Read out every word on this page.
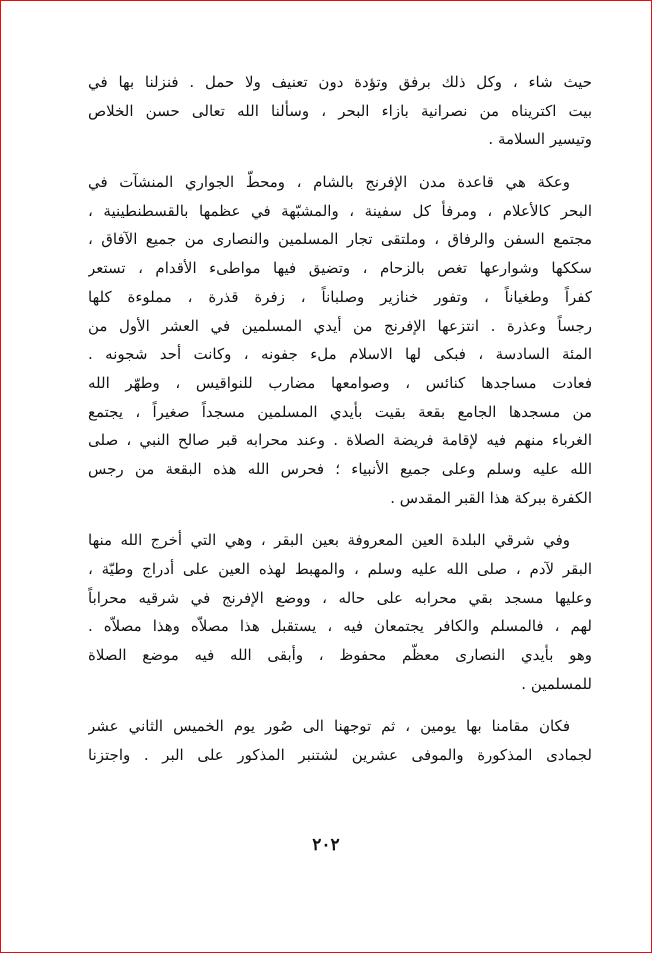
حيث شاء ، وكل ذلك برفق وتؤدة دون تعنيف ولا حمل . فنزلنا بها في
بيت اكتريناه من نصرانية بازاء البحر ، وسألنا الله تعالى حسن الخلاص
وتيسير السلامة .
وعكة هي قاعدة مدن الإفرنج بالشام ، ومحطّ الجواري المنشآت في
البحر كالأعلام ، ومرفأ كل سفينة ، والمشبّهة في عظمها بالقسطنطينية ،
مجتمع السفن والرفاق ، وملتقى تجار المسلمين والنصارى من جميع الآفاق ،
سككها وشوارعها تغص بالزحام ، وتضيق فيها مواطىء الأقدام ، تستعر
كفراً وطغياناً ، وتفور خنازير وصلباناً ، زفرة قذرة ، مملوءة كلها
رجساً وعذرة . انتزعها الإفرنج من أيدي المسلمين في العشر الأول من
المئة السادسة ، فبكى لها الاسلام ملء جفونه ، وكانت أحد شجونه .
فعادت مساجدها كنائس ، وصوامعها مضارب للنواقيس ، وطهّر الله
من مسجدها الجامع بقعة بقيت بأيدي المسلمين مسجداً صغيراً ، يجتمع
الغرباء منهم فيه لإقامة فريضة الصلاة . وعند محرابه قبر صالح النبي ، صلى
الله عليه وسلم وعلى جميع الأنبياء ؛ فحرس الله هذه البقعة من رجس
الكفرة ببركة هذا القبر المقدس .
وفي شرقي البلدة العين المعروفة بعين البقر ، وهي التي أخرج الله منها
البقر لآدم ، صلى الله عليه وسلم ، والمهبط لهذه العين على أدراج وطيّة ،
وعليها مسجد بقي محرابه على حاله ، ووضع الإفرنج في شرقيه محراباً
لهم ، فالمسلم والكافر يجتمعان فيه ، يستقبل هذا مصلاّه وهذا مصلاّه .
وهو بأيدي النصارى معظّم محفوظ ، وأبقى الله فيه موضع الصلاة
للمسلمين .
فكان مقامنا بها يومين ، ثم توجهنا الى صُور يوم الخميس الثاني عشر
لجمادى المذكورة والموفى عشرين لشتنبر المذكور على البر . واجتزنا
٢٠٢
